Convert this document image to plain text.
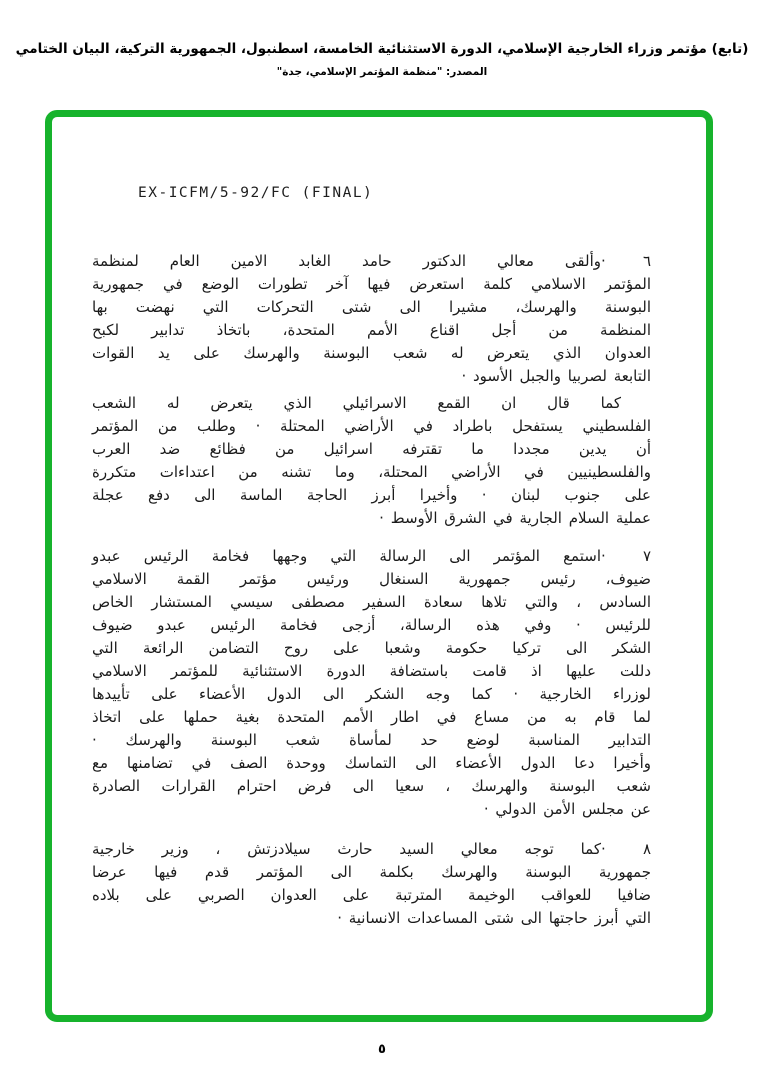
(تابع) مؤتمر وزراء الخارجية الإسلامي، الدورة الاستثنائية الخامسة، اسطنبول، الجمهورية التركية، البيان الختامي
المصدر: "منظمة المؤتمر الإسلامي، جدة"
EX-ICFM/5-92/FC (FINAL)
٦ ·
وألقى معالي الدكتور حامد الغابد الامين العام لمنظمة
المؤتمر الاسلامي كلمة استعرض فيها آخر تطورات الوضع في جمهورية
البوسنة والهرسك، مشيرا الى شتى التحركات التي نهضت بها
المنظمة من أجل اقناع الأمم المتحدة، باتخاذ تدابير لكبح
العدوان الذي يتعرض له شعب البوسنة والهرسك على يد القوات
التابعة لصربيا والجبل الأسود ·
كما قال ان القمع الاسرائيلي الذي يتعرض له الشعب
الفلسطيني يستفحل باطراد في الأراضي المحتلة · وطلب من المؤتمر
أن يدين مجددا ما تقترفه اسرائيل من فظائع ضد العرب
والفلسطينيين في الأراضي المحتلة، وما تشنه من اعتداءات متكررة
على جنوب لبنان · وأخيرا أبرز الحاجة الماسة الى دفع عجلة
عملية السلام الجارية في الشرق الأوسط ·
٧ ·
استمع المؤتمر الى الرسالة التي وجهها فخامة الرئيس عبدو
ضيوف، رئيس جمهورية السنغال ورئيس مؤتمر القمة الاسلامي
السادس ، والتي تلاها سعادة السفير مصطفى سيسي المستشار الخاص
للرئيس · وفي هذه الرسالة، أزجى فخامة الرئيس عبدو ضيوف
الشكر الى تركيا حكومة وشعبا على روح التضامن الرائعة التي
دللت عليها اذ قامت باستضافة الدورة الاستثنائية للمؤتمر الاسلامي
لوزراء الخارجية · كما وجه الشكر الى الدول الأعضاء على تأييدها
لما قام به من مساع في اطار الأمم المتحدة بغية حملها على اتخاذ
التدابير المناسبة لوضع حد لمأساة شعب البوسنة والهرسك ·
وأخيرا دعا الدول الأعضاء الى التماسك ووحدة الصف في تضامنها مع
شعب البوسنة والهرسك ، سعيا الى فرض احترام القرارات الصادرة
عن مجلس الأمن الدولي ·
٨ ·
كما توجه معالي السيد حارث سيلادزتش ، وزير خارجية
جمهورية البوسنة والهرسك بكلمة الى المؤتمر قدم فيها عرضا
ضافيا للعواقب الوخيمة المترتبة على العدوان الصربي على بلاده
التي أبرز حاجتها الى شتى المساعدات الانسانية ·
٥
